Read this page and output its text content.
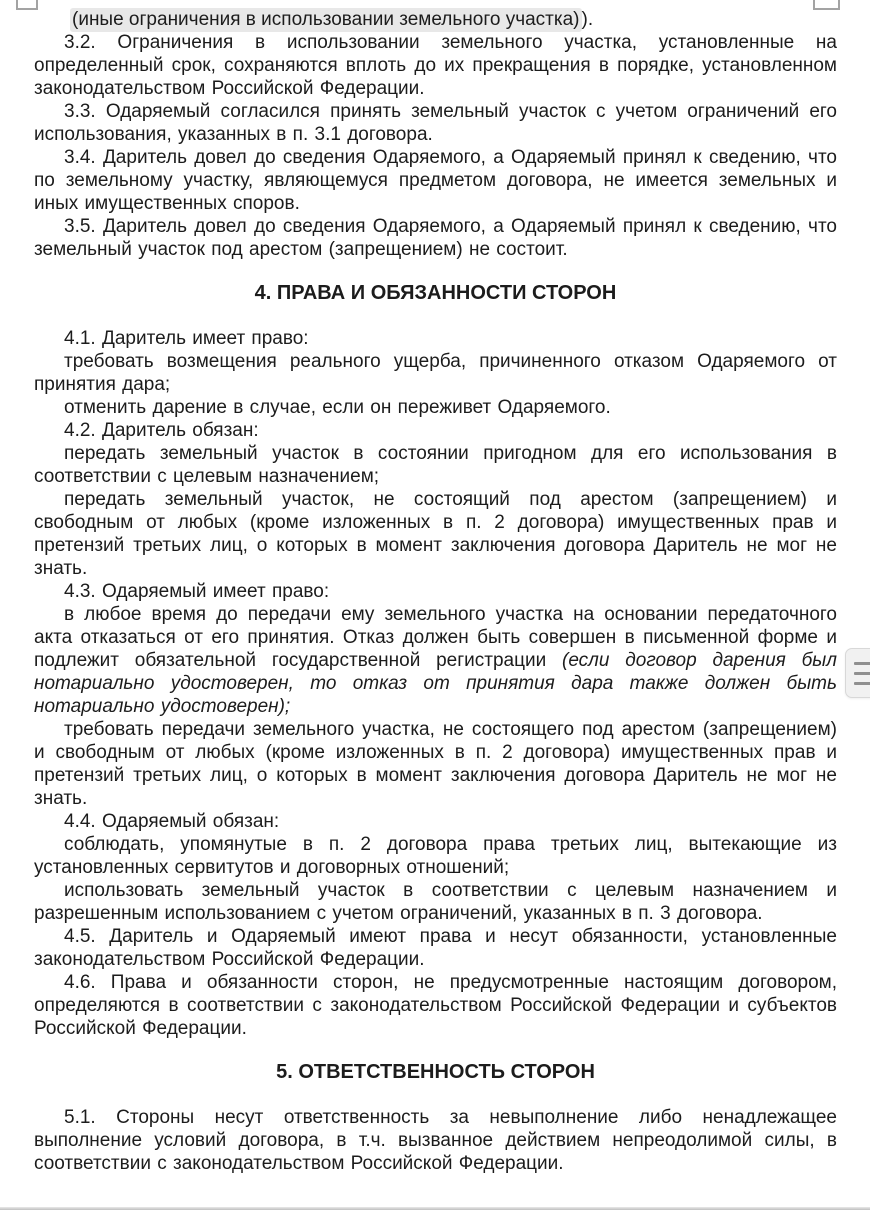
(иные ограничения в использовании земельного участка) ).

3.2. Ограничения в использовании земельного участка, установленные на определенный срок, сохраняются вплоть до их прекращения в порядке, установленном законодательством Российской Федерации.

3.3. Одаряемый согласился принять земельный участок с учетом ограничений его использования, указанных в п. 3.1 договора.

3.4. Даритель довел до сведения Одаряемого, а Одаряемый принял к сведению, что по земельному участку, являющемуся предметом договора, не имеется земельных и иных имущественных споров.

3.5. Даритель довел до сведения Одаряемого, а Одаряемый принял к сведению, что земельный участок под арестом (запрещением) не состоит.

4. ПРАВА И ОБЯЗАННОСТИ СТОРОН

4.1. Даритель имеет право:

требовать возмещения реального ущерба, причиненного отказом Одаряемого от принятия дара;

отменить дарение в случае, если он переживет Одаряемого.

4.2. Даритель обязан:

передать земельный участок в состоянии пригодном для его использования в соответствии с целевым назначением;

передать земельный участок, не состоящий под арестом (запрещением) и свободным от любых (кроме изложенных в п. 2 договора) имущественных прав и претензий третьих лиц, о которых в момент заключения договора Даритель не мог не знать.

4.3. Одаряемый имеет право:

в любое время до передачи ему земельного участка на основании передаточного акта отказаться от его принятия. Отказ должен быть совершен в письменной форме и подлежит обязательной государственной регистрации (если договор дарения был нотариально удостоверен, то отказ от принятия дара также должен быть нотариально удостоверен);

требовать передачи земельного участка, не состоящего под арестом (запрещением) и свободным от любых (кроме изложенных в п. 2 договора) имущественных прав и претензий третьих лиц, о которых в момент заключения договора Даритель не мог не знать.

4.4. Одаряемый обязан:

соблюдать, упомянутые в п. 2 договора права третьих лиц, вытекающие из установленных сервитутов и договорных отношений;

использовать земельный участок в соответствии с целевым назначением и разрешенным использованием с учетом ограничений, указанных в п. 3 договора.

4.5. Даритель и Одаряемый имеют права и несут обязанности, установленные законодательством Российской Федерации.

4.6. Права и обязанности сторон, не предусмотренные настоящим договором, определяются в соответствии с законодательством Российской Федерации и субъектов Российской Федерации.

5. ОТВЕТСТВЕННОСТЬ СТОРОН

5.1. Стороны несут ответственность за невыполнение либо ненадлежащее выполнение условий договора, в т.ч. вызванное действием непреодолимой силы, в соответствии с законодательством Российской Федерации.
